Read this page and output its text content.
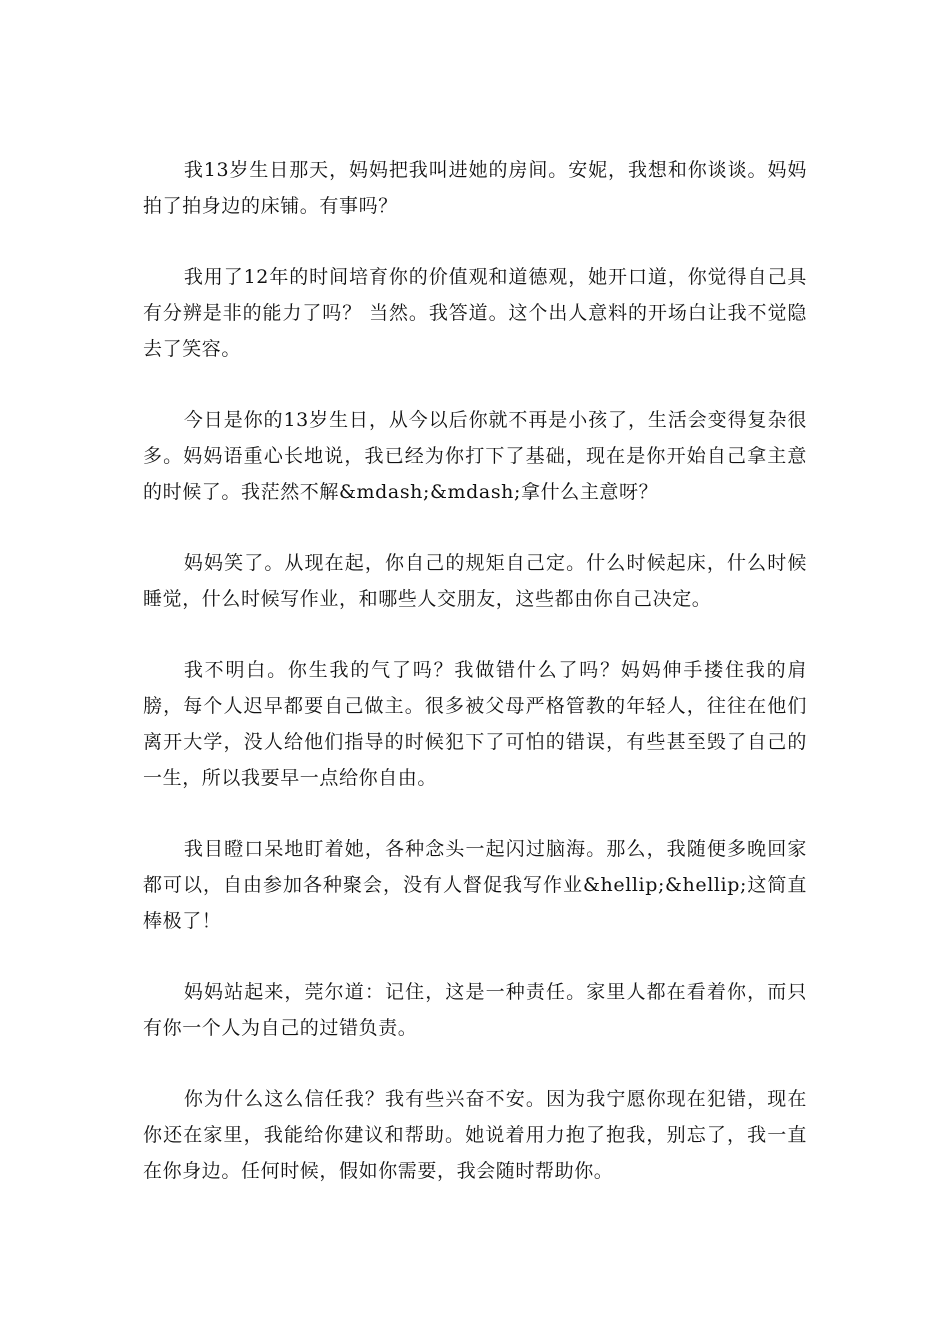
我13岁生日那天，妈妈把我叫进她的房间。安妮，我想和你谈谈。妈妈拍了拍身边的床铺。有事吗？

我用了12年的时间培育你的价值观和道德观，她开口道，你觉得自己具有分辨是非的能力了吗？ 当然。我答道。这个出人意料的开场白让我不觉隐去了笑容。

今日是你的13岁生日，从今以后你就不再是小孩了，生活会变得复杂很多。妈妈语重心长地说，我已经为你打下了基础，现在是你开始自己拿主意的时候了。我茫然不解&mdash;&mdash;拿什么主意呀？

妈妈笑了。从现在起，你自己的规矩自己定。什么时候起床，什么时候睡觉，什么时候写作业，和哪些人交朋友，这些都由你自己决定。

我不明白。你生我的气了吗？我做错什么了吗？妈妈伸手搂住我的肩膀，每个人迟早都要自己做主。很多被父母严格管教的年轻人，往往在他们离开大学，没人给他们指导的时候犯下了可怕的错误，有些甚至毁了自己的一生，所以我要早一点给你自由。

我目瞪口呆地盯着她，各种念头一起闪过脑海。那么，我随便多晚回家都可以，自由参加各种聚会，没有人督促我写作业&hellip;&hellip;这简直棒极了！

妈妈站起来，莞尔道：记住，这是一种责任。家里人都在看着你，而只有你一个人为自己的过错负责。

你为什么这么信任我？我有些兴奋不安。因为我宁愿你现在犯错，现在你还在家里，我能给你建议和帮助。她说着用力抱了抱我，别忘了，我一直在你身边。任何时候，假如你需要，我会随时帮助你。
